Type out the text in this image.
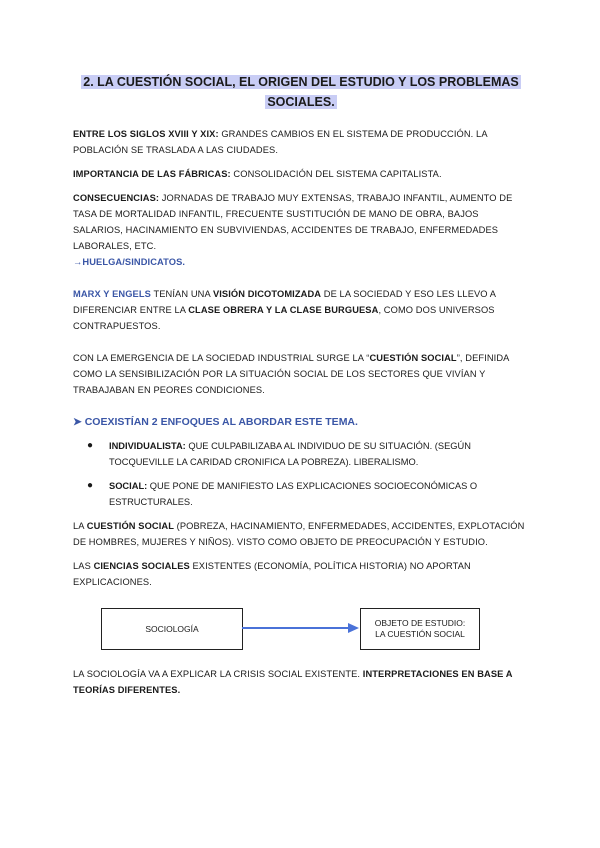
2. LA CUESTIÓN SOCIAL, EL ORIGEN DEL ESTUDIO Y LOS PROBLEMAS
SOCIALES.

ENTRE LOS SIGLOS XVIII Y XIX: GRANDES CAMBIOS EN EL SISTEMA DE PRODUCCIÓN. LA POBLACIÓN SE TRASLADA A LAS CIUDADES.

IMPORTANCIA DE LAS FÁBRICAS: CONSOLIDACIÓN DEL SISTEMA CAPITALISTA.

CONSECUENCIAS: JORNADAS DE TRABAJO MUY EXTENSAS, TRABAJO INFANTIL, AUMENTO DE TASA DE MORTALIDAD INFANTIL, FRECUENTE SUSTITUCIÓN DE MANO DE OBRA, BAJOS SALARIOS, HACINAMIENTO EN SUBVIVIENDAS, ACCIDENTES DE TRABAJO, ENFERMEDADES LABORALES, ETC.
→HUELGA/SINDICATOS.

MARX Y ENGELS TENÍAN UNA VISIÓN DICOTOMIZADA DE LA SOCIEDAD Y ESO LES LLEVO A DIFERENCIAR ENTRE LA CLASE OBRERA Y LA CLASE BURGUESA, COMO DOS UNIVERSOS CONTRAPUESTOS.

CON LA EMERGENCIA DE LA SOCIEDAD INDUSTRIAL SURGE LA “CUESTIÓN SOCIAL”, DEFINIDA COMO LA SENSIBILIZACIÓN POR LA SITUACIÓN SOCIAL DE LOS SECTORES QUE VIVÍAN Y TRABAJABAN EN PEORES CONDICIONES.

➤ COEXISTÍAN 2 ENFOQUES AL ABORDAR ESTE TEMA.
● INDIVIDUALISTA: QUE CULPABILIZABA AL INDIVIDUO DE SU SITUACIÓN. (SEGÚN TOCQUEVILLE LA CARIDAD CRONIFICA LA POBREZA). LIBERALISMO.
● SOCIAL: QUE PONE DE MANIFIESTO LAS EXPLICACIONES SOCIOECONÓMICAS O ESTRUCTURALES.

LA CUESTIÓN SOCIAL (POBREZA, HACINAMIENTO, ENFERMEDADES, ACCIDENTES, EXPLOTACIÓN DE HOMBRES, MUJERES Y NIÑOS). VISTO COMO OBJETO DE PREOCUPACIÓN Y ESTUDIO.

LAS CIENCIAS SOCIALES EXISTENTES (ECONOMÍA, POLÍTICA HISTORIA) NO APORTAN EXPLICACIONES.

SOCIOLOGÍA
OBJETO DE ESTUDIO:
LA CUESTIÓN SOCIAL

LA SOCIOLOGÍA VA A EXPLICAR LA CRISIS SOCIAL EXISTENTE. INTERPRETACIONES EN BASE A TEORÍAS DIFERENTES.
